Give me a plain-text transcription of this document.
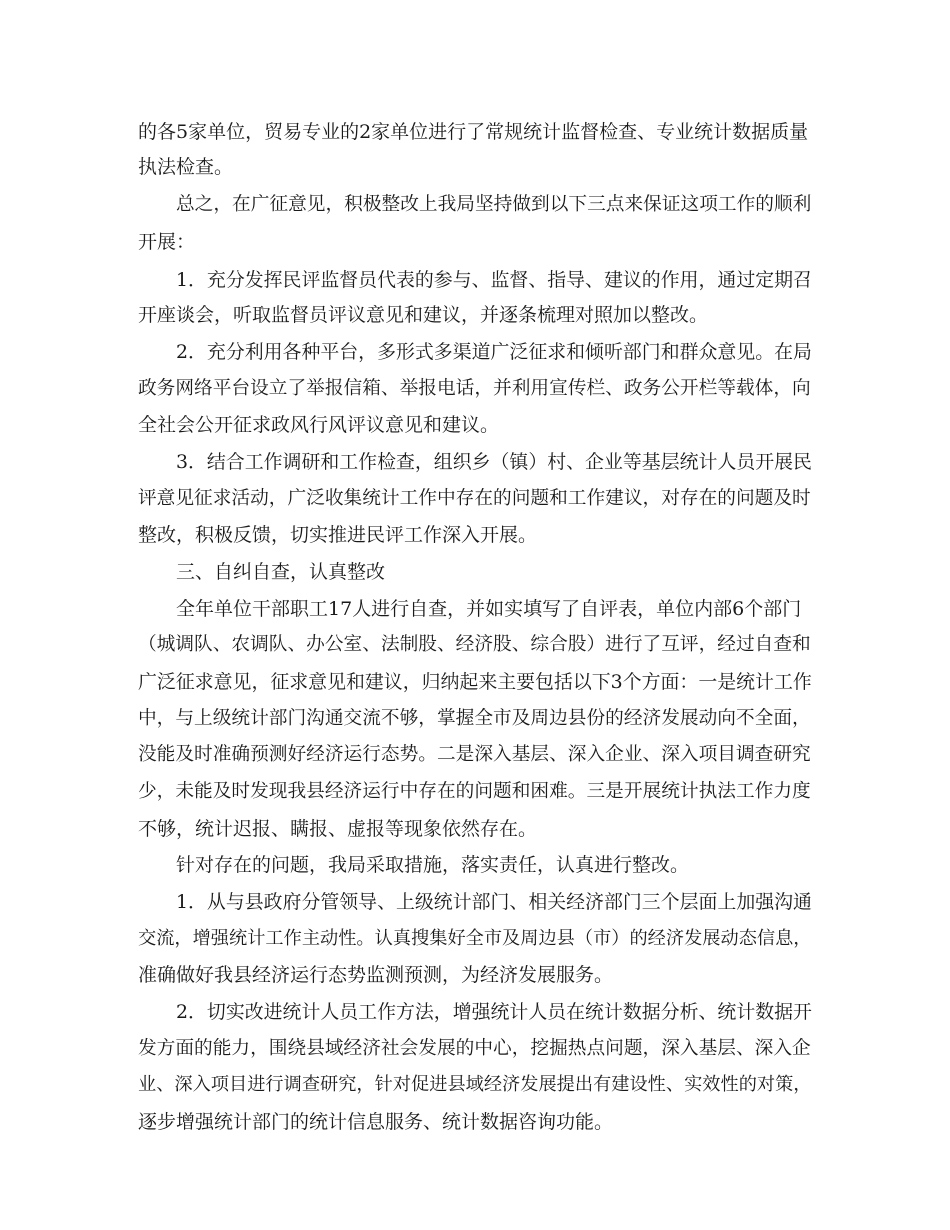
的各5家单位，贸易专业的2家单位进行了常规统计监督检查、专业统计数据质量

执法检查。

总之，在广征意见，积极整改上我局坚持做到以下三点来保证这项工作的顺利

开展：

1．充分发挥民评监督员代表的参与、监督、指导、建议的作用，通过定期召

开座谈会，听取监督员评议意见和建议，并逐条梳理对照加以整改。

2．充分利用各种平台，多形式多渠道广泛征求和倾听部门和群众意见。在局

政务网络平台设立了举报信箱、举报电话，并利用宣传栏、政务公开栏等载体，向

全社会公开征求政风行风评议意见和建议。

3．结合工作调研和工作检查，组织乡（镇）村、企业等基层统计人员开展民

评意见征求活动，广泛收集统计工作中存在的问题和工作建议，对存在的问题及时

整改，积极反馈，切实推进民评工作深入开展。

三、自纠自查，认真整改

全年单位干部职工17人进行自查，并如实填写了自评表，单位内部6个部门

（城调队、农调队、办公室、法制股、经济股、综合股）进行了互评，经过自查和

广泛征求意见，征求意见和建议，归纳起来主要包括以下3个方面：一是统计工作

中，与上级统计部门沟通交流不够，掌握全市及周边县份的经济发展动向不全面，

没能及时准确预测好经济运行态势。二是深入基层、深入企业、深入项目调查研究

少，未能及时发现我县经济运行中存在的问题和困难。三是开展统计执法工作力度

不够，统计迟报、瞒报、虚报等现象依然存在。

针对存在的问题，我局采取措施，落实责任，认真进行整改。

1．从与县政府分管领导、上级统计部门、相关经济部门三个层面上加强沟通

交流，增强统计工作主动性。认真搜集好全市及周边县（市）的经济发展动态信息，

准确做好我县经济运行态势监测预测，为经济发展服务。

2．切实改进统计人员工作方法，增强统计人员在统计数据分析、统计数据开

发方面的能力，围绕县域经济社会发展的中心，挖掘热点问题，深入基层、深入企

业、深入项目进行调查研究，针对促进县域经济发展提出有建设性、实效性的对策，

逐步增强统计部门的统计信息服务、统计数据咨询功能。
